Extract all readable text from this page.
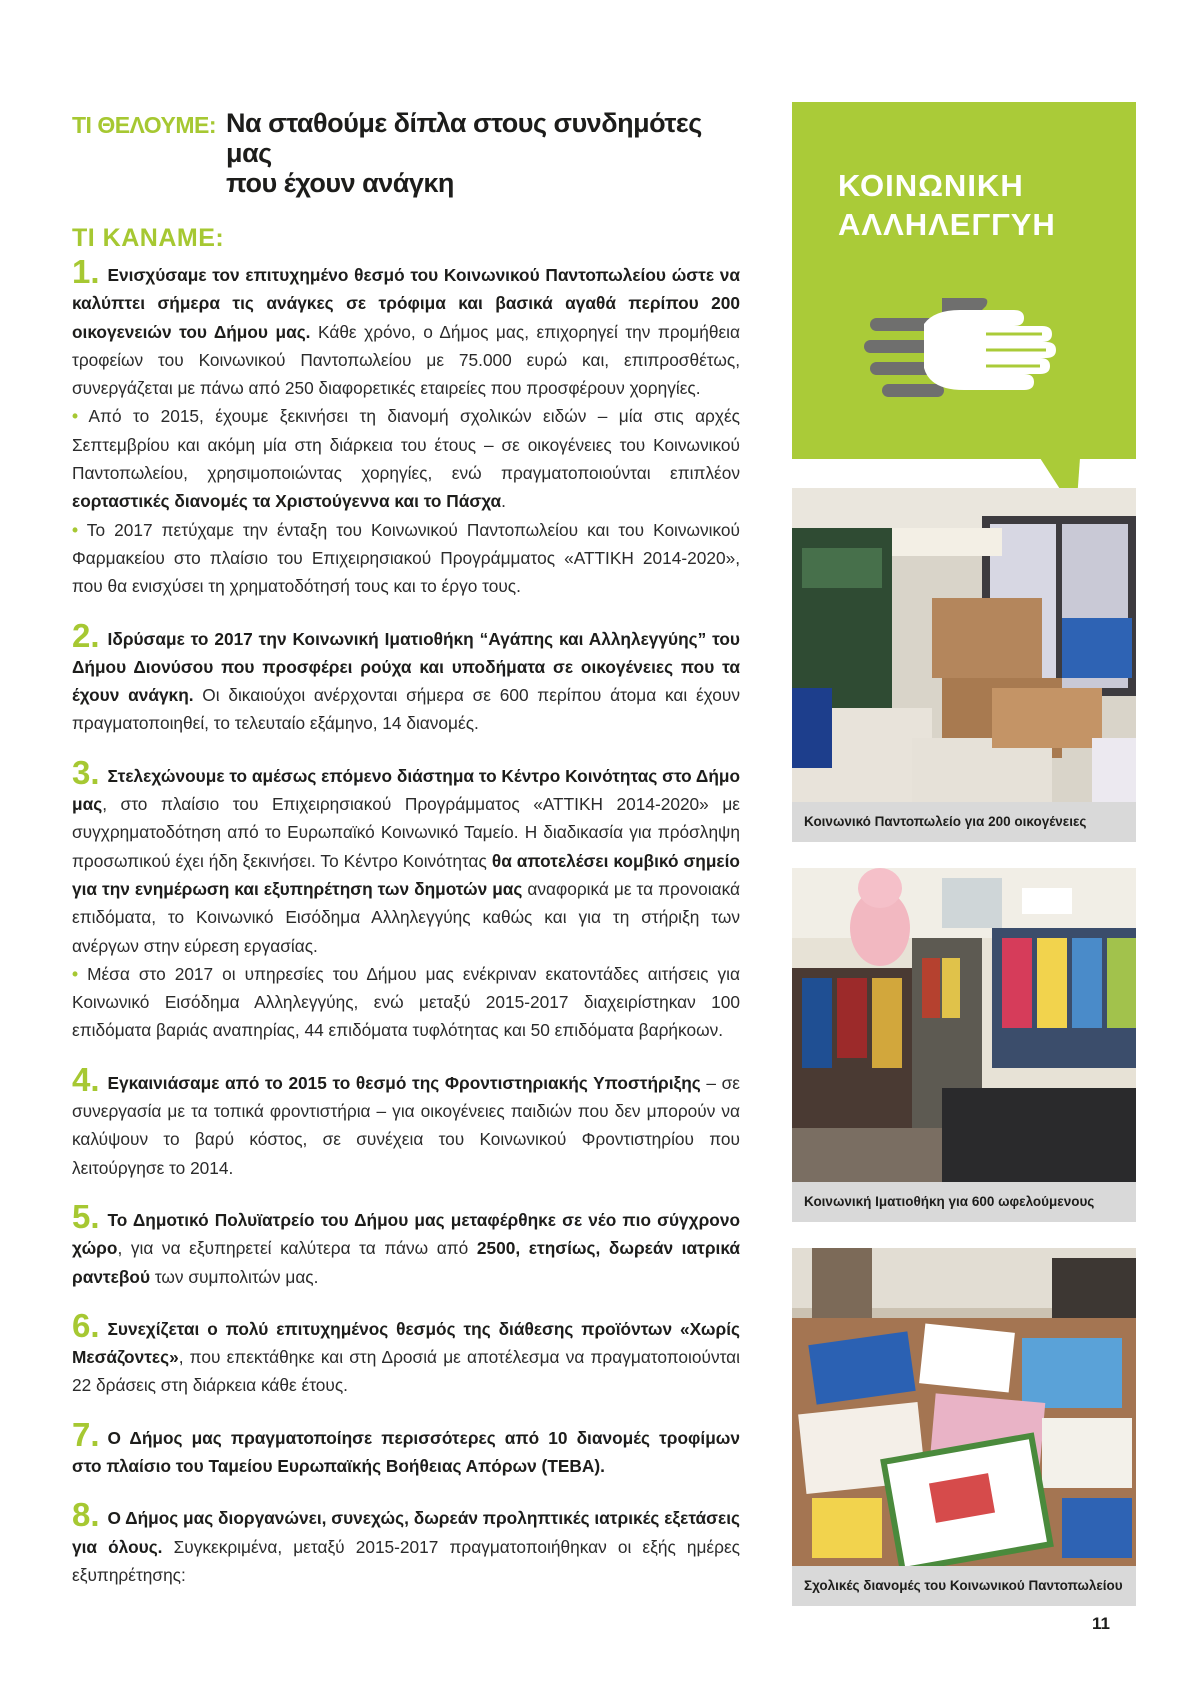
ΤΙ ΘΕΛΟΥΜΕ: Να σταθούμε δίπλα στους συνδημότες μας
που έχουν ανάγκη
ΤΙ ΚΑΝΑΜΕ:

1. Ενισχύσαμε τον επιτυχημένο θεσμό του Κοινωνικού Παντοπωλείου ώστε να καλύπτει σήμερα τις ανάγκες σε τρόφιμα και βασικά αγαθά περίπου 200 οικογενειών του Δήμου μας. Κάθε χρόνο, ο Δήμος μας, επιχορηγεί την προμήθεια τροφείων του Κοινωνικού Παντοπωλείου με 75.000 ευρώ και, επιπροσθέτως, συνεργάζεται με πάνω από 250 διαφορετικές εταιρείες που προσφέρουν χορηγίες.

• Από το 2015, έχουμε ξεκινήσει τη διανομή σχολικών ειδών – μία στις αρχές Σεπτεμβρίου και ακόμη μία στη διάρκεια του έτους – σε οικογένειες του Κοινωνικού Παντοπωλείου, χρησιμοποιώντας χορηγίες, ενώ πραγματοποιούνται επιπλέον εορταστικές διανομές τα Χριστούγεννα και το Πάσχα.

• Το 2017 πετύχαμε την ένταξη του Κοινωνικού Παντοπωλείου και του Κοινωνικού Φαρμακείου στο πλαίσιο του Επιχειρησιακού Προγράμματος «ΑΤΤΙΚΗ 2014-2020», που θα ενισχύσει τη χρηματοδότησή τους και το έργο τους.

2. Ιδρύσαμε το 2017 την Κοινωνική Ιματιοθήκη “Αγάπης και Αλληλεγγύης” του Δήμου Διονύσου που προσφέρει ρούχα και υποδήματα σε οικογένειες που τα έχουν ανάγκη. Οι δικαιούχοι ανέρχονται σήμερα σε 600 περίπου άτομα και έχουν πραγματοποιηθεί, το τελευταίο εξάμηνο, 14 διανομές.

3. Στελεχώνουμε το αμέσως επόμενο διάστημα το Κέντρο Κοινότητας στο Δήμο μας, στο πλαίσιο του Επιχειρησιακού Προγράμματος «ΑΤΤΙΚΗ 2014-2020» με συγχρηματοδότηση από το Ευρωπαϊκό Κοινωνικό Ταμείο. Η διαδικασία για πρόσληψη προσωπικού έχει ήδη ξεκινήσει. Το Κέντρο Κοινότητας θα αποτελέσει κομβικό σημείο για την ενημέρωση και εξυπηρέτηση των δημοτών μας αναφορικά με τα προνοιακά επιδόματα, το Κοινωνικό Εισόδημα Αλληλεγγύης καθώς και για τη στήριξη των ανέργων στην εύρεση εργασίας.

• Μέσα στο 2017 οι υπηρεσίες του Δήμου μας ενέκριναν εκατοντάδες αιτήσεις για Κοινωνικό Εισόδημα Αλληλεγγύης, ενώ μεταξύ 2015-2017 διαχειρίστηκαν 100 επιδόματα βαριάς αναπηρίας, 44 επιδόματα τυφλότητας και 50 επιδόματα βαρήκοων.

4. Εγκαινιάσαμε από το 2015 το θεσμό της Φροντιστηριακής Υποστήριξης – σε συνεργασία με τα τοπικά φροντιστήρια – για οικογένειες παιδιών που δεν μπορούν να καλύψουν το βαρύ κόστος, σε συνέχεια του Κοινωνικού Φροντιστηρίου που λειτούργησε το 2014.

5. Το Δημοτικό Πολυϊατρείο του Δήμου μας μεταφέρθηκε σε νέο πιο σύγχρονο χώρο, για να εξυπηρετεί καλύτερα τα πάνω από 2500, ετησίως, δωρεάν ιατρικά ραντεβού των συμπολιτών μας.

6. Συνεχίζεται ο πολύ επιτυχημένος θεσμός της διάθεσης προϊόντων «Χωρίς Μεσάζοντες», που επεκτάθηκε και στη Δροσιά με αποτέλεσμα να πραγματοποιούνται 22 δράσεις στη διάρκεια κάθε έτους.

7. Ο Δήμος μας πραγματοποίησε περισσότερες από 10 διανομές τροφίμων στο πλαίσιο του Ταμείου Ευρωπαϊκής Βοήθειας Απόρων (ΤΕΒΑ).

8. Ο Δήμος μας διοργανώνει, συνεχώς, δωρεάν προληπτικές ιατρικές εξετάσεις για όλους. Συγκεκριμένα, μεταξύ 2015-2017 πραγματοποιήθηκαν οι εξής ημέρες εξυπηρέτησης:

ΚΟΙΝΩΝΙΚΗ
ΑΛΛΗΛΕΓΓΥΗ
Κοινωνικό Παντοπωλείο για 200 οικογένειες
Κοινωνική Ιματιοθήκη για 600 ωφελούμενους
Σχολικές διανομές του Κοινωνικού Παντοπωλείου
11
